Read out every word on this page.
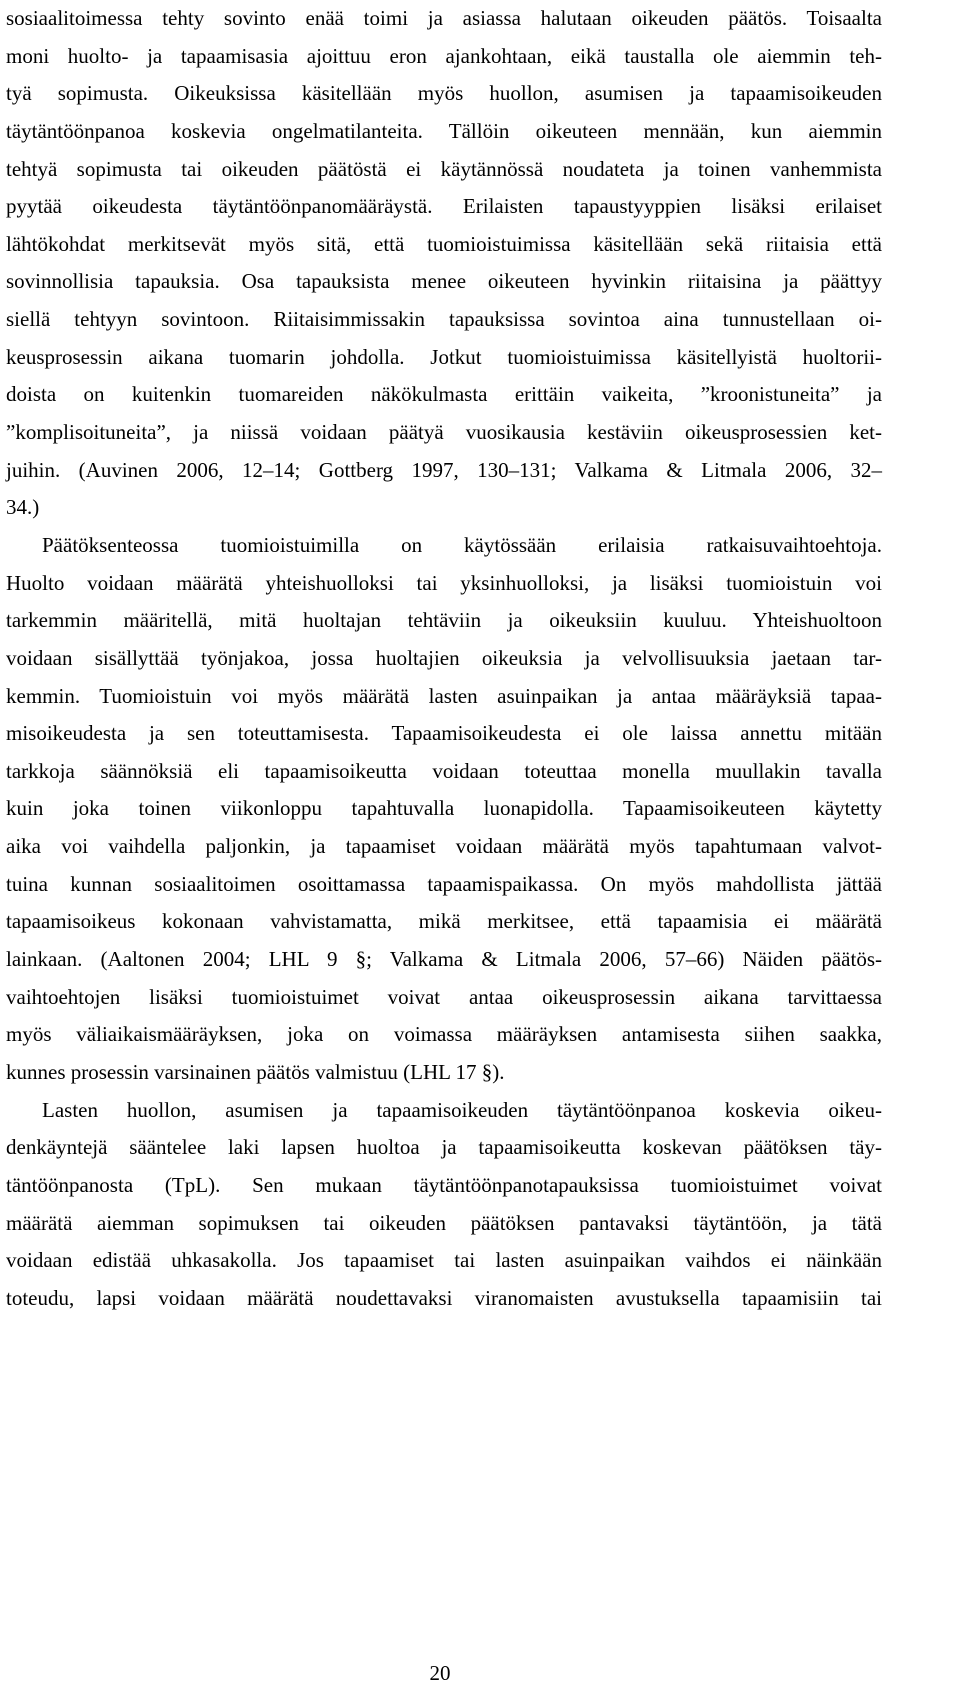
sosiaalitoimessa tehty sovinto enää toimi ja asiassa halutaan oikeuden päätös. Toisaalta
moni huolto- ja tapaamisasia ajoittuu eron ajankohtaan, eikä taustalla ole aiemmin teh-
tyä sopimusta. Oikeuksissa käsitellään myös huollon, asumisen ja tapaamisoikeuden
täytäntöönpanoa koskevia ongelmatilanteita. Tällöin oikeuteen mennään, kun aiemmin
tehtyä sopimusta tai oikeuden päätöstä ei käytännössä noudateta ja toinen vanhemmista
pyytää oikeudesta täytäntöönpanomääräystä. Erilaisten tapaustyyppien lisäksi erilaiset
lähtökohdat merkitsevät myös sitä, että tuomioistuimissa käsitellään sekä riitaisia että
sovinnollisia tapauksia. Osa tapauksista menee oikeuteen hyvinkin riitaisina ja päättyy
siellä tehtyyn sovintoon. Riitaisimmissakin tapauksissa sovintoa aina tunnustellaan oi-
keusprosessin aikana tuomarin johdolla. Jotkut tuomioistuimissa käsitellyistä huoltorii-
doista on kuitenkin tuomareiden näkökulmasta erittäin vaikeita, ”kroonistuneita” ja
”komplisoituneita”, ja niissä voidaan päätyä vuosikausia kestäviin oikeusprosessien ket-
juihin. (Auvinen 2006, 12–14; Gottberg 1997, 130–131; Valkama & Litmala 2006, 32–
34.)
Päätöksenteossa tuomioistuimilla on käytössään erilaisia ratkaisuvaihtoehtoja.
Huolto voidaan määrätä yhteishuolloksi tai yksinhuolloksi, ja lisäksi tuomioistuin voi
tarkemmin määritellä, mitä huoltajan tehtäviin ja oikeuksiin kuuluu. Yhteishuoltoon
voidaan sisällyttää työnjakoa, jossa huoltajien oikeuksia ja velvollisuuksia jaetaan tar-
kemmin. Tuomioistuin voi myös määrätä lasten asuinpaikan ja antaa määräyksiä tapaa-
misoikeudesta ja sen toteuttamisesta. Tapaamisoikeudesta ei ole laissa annettu mitään
tarkkoja säännöksiä eli tapaamisoikeutta voidaan toteuttaa monella muullakin tavalla
kuin joka toinen viikonloppu tapahtuvalla luonapidolla. Tapaamisoikeuteen käytetty
aika voi vaihdella paljonkin, ja tapaamiset voidaan määrätä myös tapahtumaan valvot-
tuina kunnan sosiaalitoimen osoittamassa tapaamispaikassa. On myös mahdollista jättää
tapaamisoikeus kokonaan vahvistamatta, mikä merkitsee, että tapaamisia ei määrätä
lainkaan. (Aaltonen 2004; LHL 9 §; Valkama & Litmala 2006, 57–66) Näiden päätös-
vaihtoehtojen lisäksi tuomioistuimet voivat antaa oikeusprosessin aikana tarvittaessa
myös väliaikaismääräyksen, joka on voimassa määräyksen antamisesta siihen saakka,
kunnes prosessin varsinainen päätös valmistuu (LHL 17 §).
Lasten huollon, asumisen ja tapaamisoikeuden täytäntöönpanoa koskevia oikeu-
denkäyntejä sääntelee laki lapsen huoltoa ja tapaamisoikeutta koskevan päätöksen täy-
täntöönpanosta (TpL). Sen mukaan täytäntöönpanotapauksissa tuomioistuimet voivat
määrätä aiemman sopimuksen tai oikeuden päätöksen pantavaksi täytäntöön, ja tätä
voidaan edistää uhkasakolla. Jos tapaamiset tai lasten asuinpaikan vaihdos ei näinkään
toteudu, lapsi voidaan määrätä noudettavaksi viranomaisten avustuksella tapaamisiin tai
20
